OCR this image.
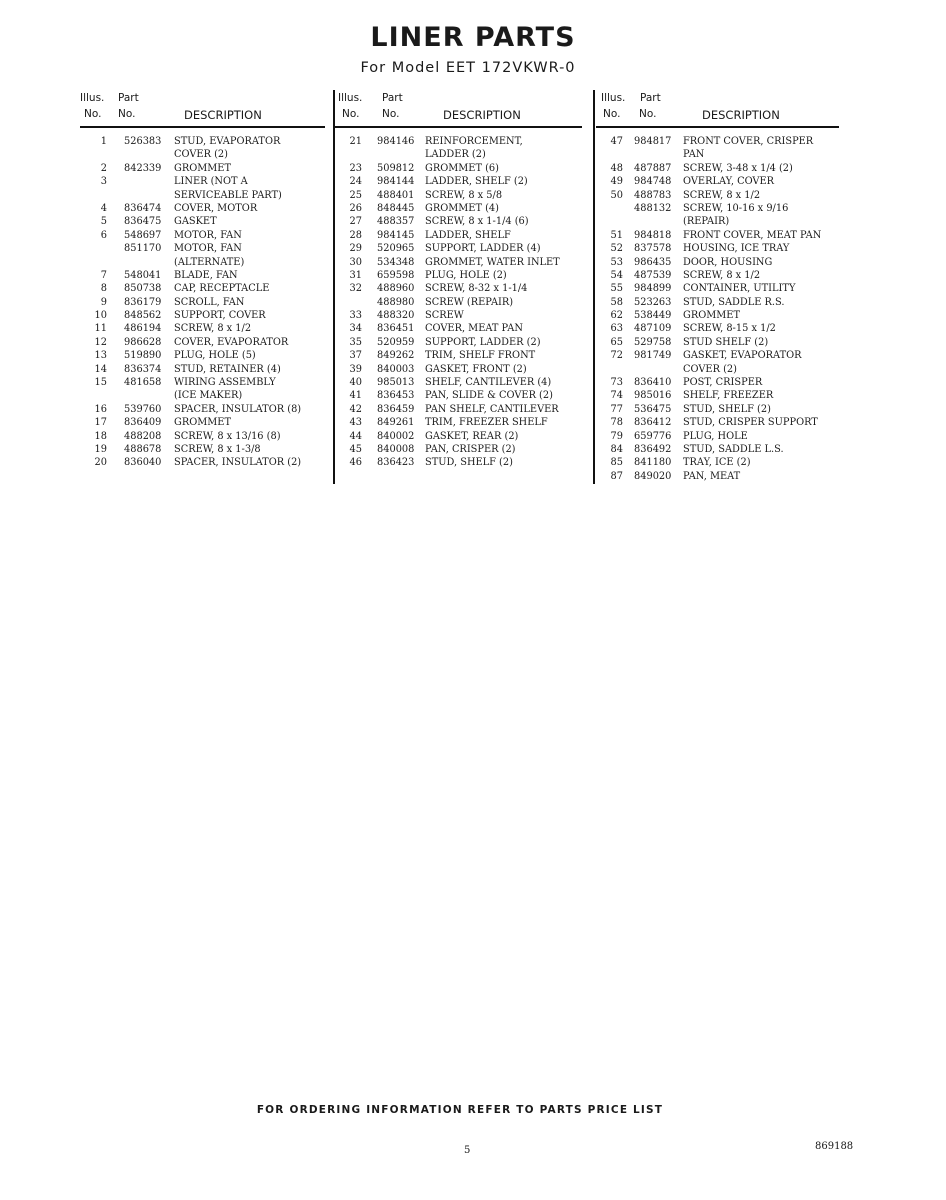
LINER PARTS
For Model EET 172VKWR-0
Illus. Part
No. No.	DESCRIPTION
1 526383 STUD, EVAPORATOR
COVER (2)
2 842339 GROMMET
3	LINER (NOT A
SERVICEABLE PART)
4 836474 COVER, MOTOR
5 836475 GASKET
6 548697 MOTOR, FAN
851170 MOTOR, FAN
(ALTERNATE)
7 548041 BLADE, FAN
8 850738 CAP, RECEPTACLE
9 836179 SCROLL, FAN
10 848562 SUPPORT, COVER
11 486194 SCREW, 8 x 1/2
12 986628 COVER, EVAPORATOR
13 519890 PLUG, HOLE (5)
14 836374 STUD, RETAINER (4)
15 481658 WIRING ASSEMBLY
(ICE MAKER)
16 539760 SPACER, INSULATOR (8)
17 836409 GROMMET
18 488208 SCREW, 8 x 13/16 (8)
19 488678 SCREW, 8 x 1-3/8
20 836040 SPACER, INSULATOR (2)
Illus. Part
No. No.	DESCRIPTION
21 984146 REINFORCEMENT,
LADDER (2)
23 509812 GROMMET (6)
24 984144 LADDER, SHELF (2)
25 488401 SCREW, 8 x 5/8
26 848445 GROMMET (4)
27 488357 SCREW, 8 x 1-1/4 (6)
28 984145 LADDER, SHELF
29 520965 SUPPORT, LADDER (4)
30 534348 GROMMET, WATER INLET
31 659598 PLUG, HOLE (2)
32 488960 SCREW, 8-32 x 1-1/4
488980 SCREW (REPAIR)
33 488320 SCREW
34 836451 COVER, MEAT PAN
35 520959 SUPPORT, LADDER (2)
37 849262 TRIM, SHELF FRONT
39 840003 GASKET, FRONT (2)
40 985013 SHELF, CANTILEVER (4)
41 836453 PAN, SLIDE & COVER (2)
42 836459 PAN SHELF, CANTILEVER
43 849261 TRIM, FREEZER SHELF
44 840002 GASKET, REAR (2)
45 840008 PAN, CRISPER (2)
46 836423 STUD, SHELF (2)
Illus. Part
No. No.	DESCRIPTION
47 984817 FRONT COVER, CRISPER
PAN
48 487887 SCREW, 3-48 x 1/4 (2)
49 984748 OVERLAY, COVER
50 488783 SCREW, 8 x 1/2
488132 SCREW, 10-16 x 9/16
(REPAIR)
51 984818 FRONT COVER, MEAT PAN
52 837578 HOUSING, ICE TRAY
53 986435 DOOR, HOUSING
54 487539 SCREW, 8 x 1/2
55 984899 CONTAINER, UTILITY
58 523263 STUD, SADDLE R.S.
62 538449 GROMMET
63 487109 SCREW, 8-15 x 1/2
65 529758 STUD SHELF (2)
72 981749 GASKET, EVAPORATOR
COVER (2)
73 836410 POST, CRISPER
74 985016 SHELF, FREEZER
77 536475 STUD, SHELF (2)
78 836412 STUD, CRISPER SUPPORT
79 659776 PLUG, HOLE
84 836492 STUD, SADDLE L.S.
85 841180 TRAY, ICE (2)
87 849020 PAN, MEAT
FOR ORDERING INFORMATION REFER TO PARTS PRICE LIST
5	869188
